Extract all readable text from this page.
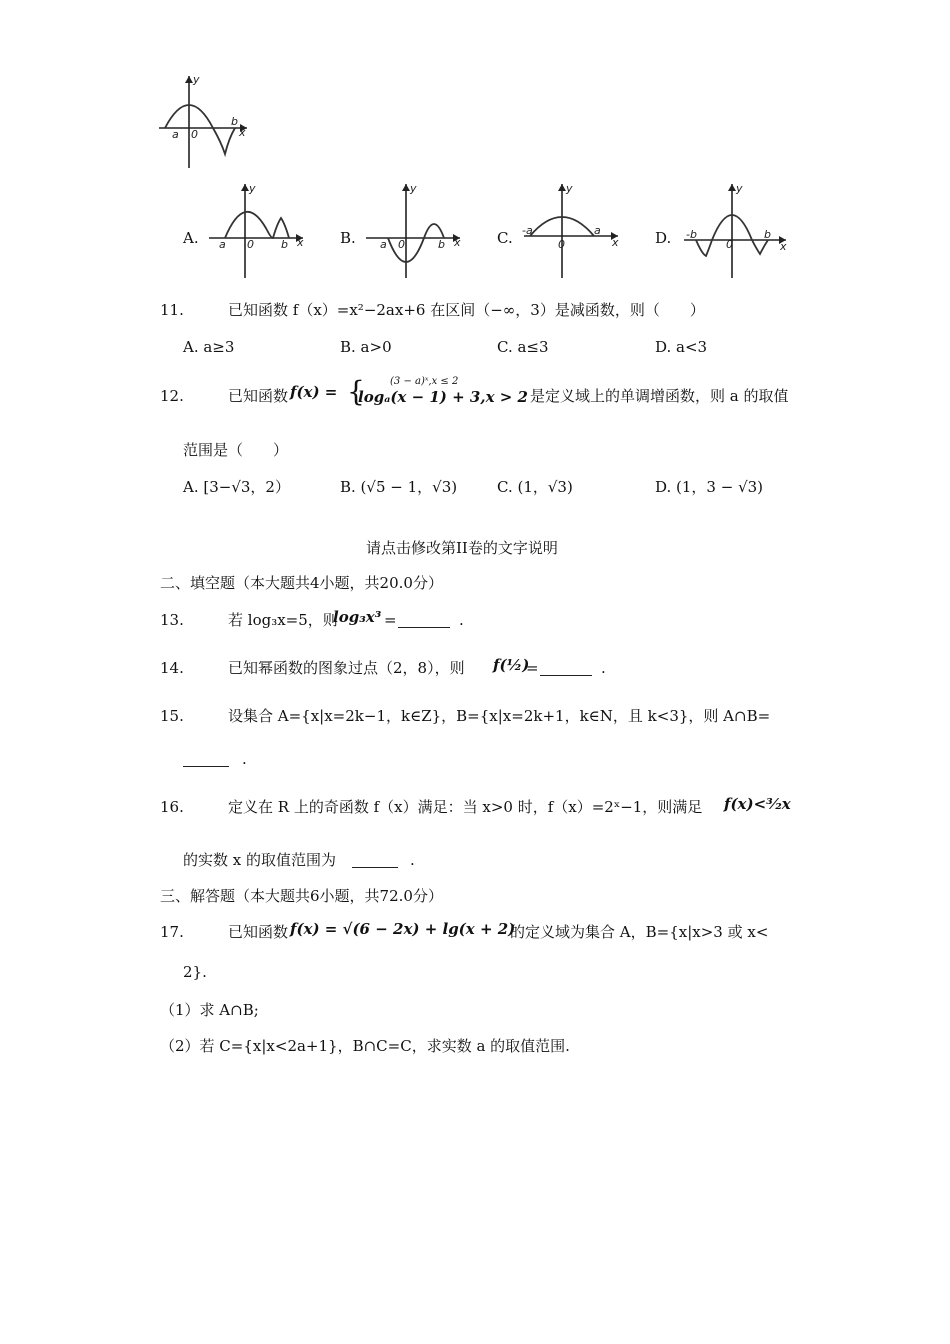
a 0
b
x
y
A. a 0 b x
y
B. a 0	b x
y
C. -a
0
a
x
y
D. -b
0
b
x
y
11.	已知函数 f（x）=x²−2ax+6 在区间（−∞，3）是减函数，则（　　）
A. a≥3	B. a>0	C. a≤3	D. a<3
12.	已知函数 f(x) = {	(3 − a)ˣ,x ≤ 2
logₐ(x − 1) + 3,x > 2 是定义域上的单调增函数，则 a 的取值
范围是（　　）
A. [3−√3，2）	B. (√5 − 1，√3)	C. (1，√3)	D. (1，3 − √3)
请点击修改第II卷的文字说明
二、填空题（本大题共4小题，共20.0分）
13.	若 log₃x=5，则
log₃x³ =	.
14.	已知幂函数的图象过点（2，8），则 f(½)
=	.
15.	设集合 A={x|x=2k−1，k∈Z}，B={x|x=2k+1，k∈N，且 k<3}，则 A∩B=
.
16.	定义在 R 上的奇函数 f（x）满足：当 x>0 时，f（x）=2ˣ−1，则满足 f(x)<³⁄₂x
的实数 x 的取值范围为	.
三、解答题（本大题共6小题，共72.0分）
17.	已知函数 f(x) = √(6 − 2x) + lg(x + 2)
的定义域为集合 A，B={x|x>3 或 x<
2}.
（1）求 A∩B;
（2）若 C={x|x<2a+1}，B∩C=C，求实数 a 的取值范围.
